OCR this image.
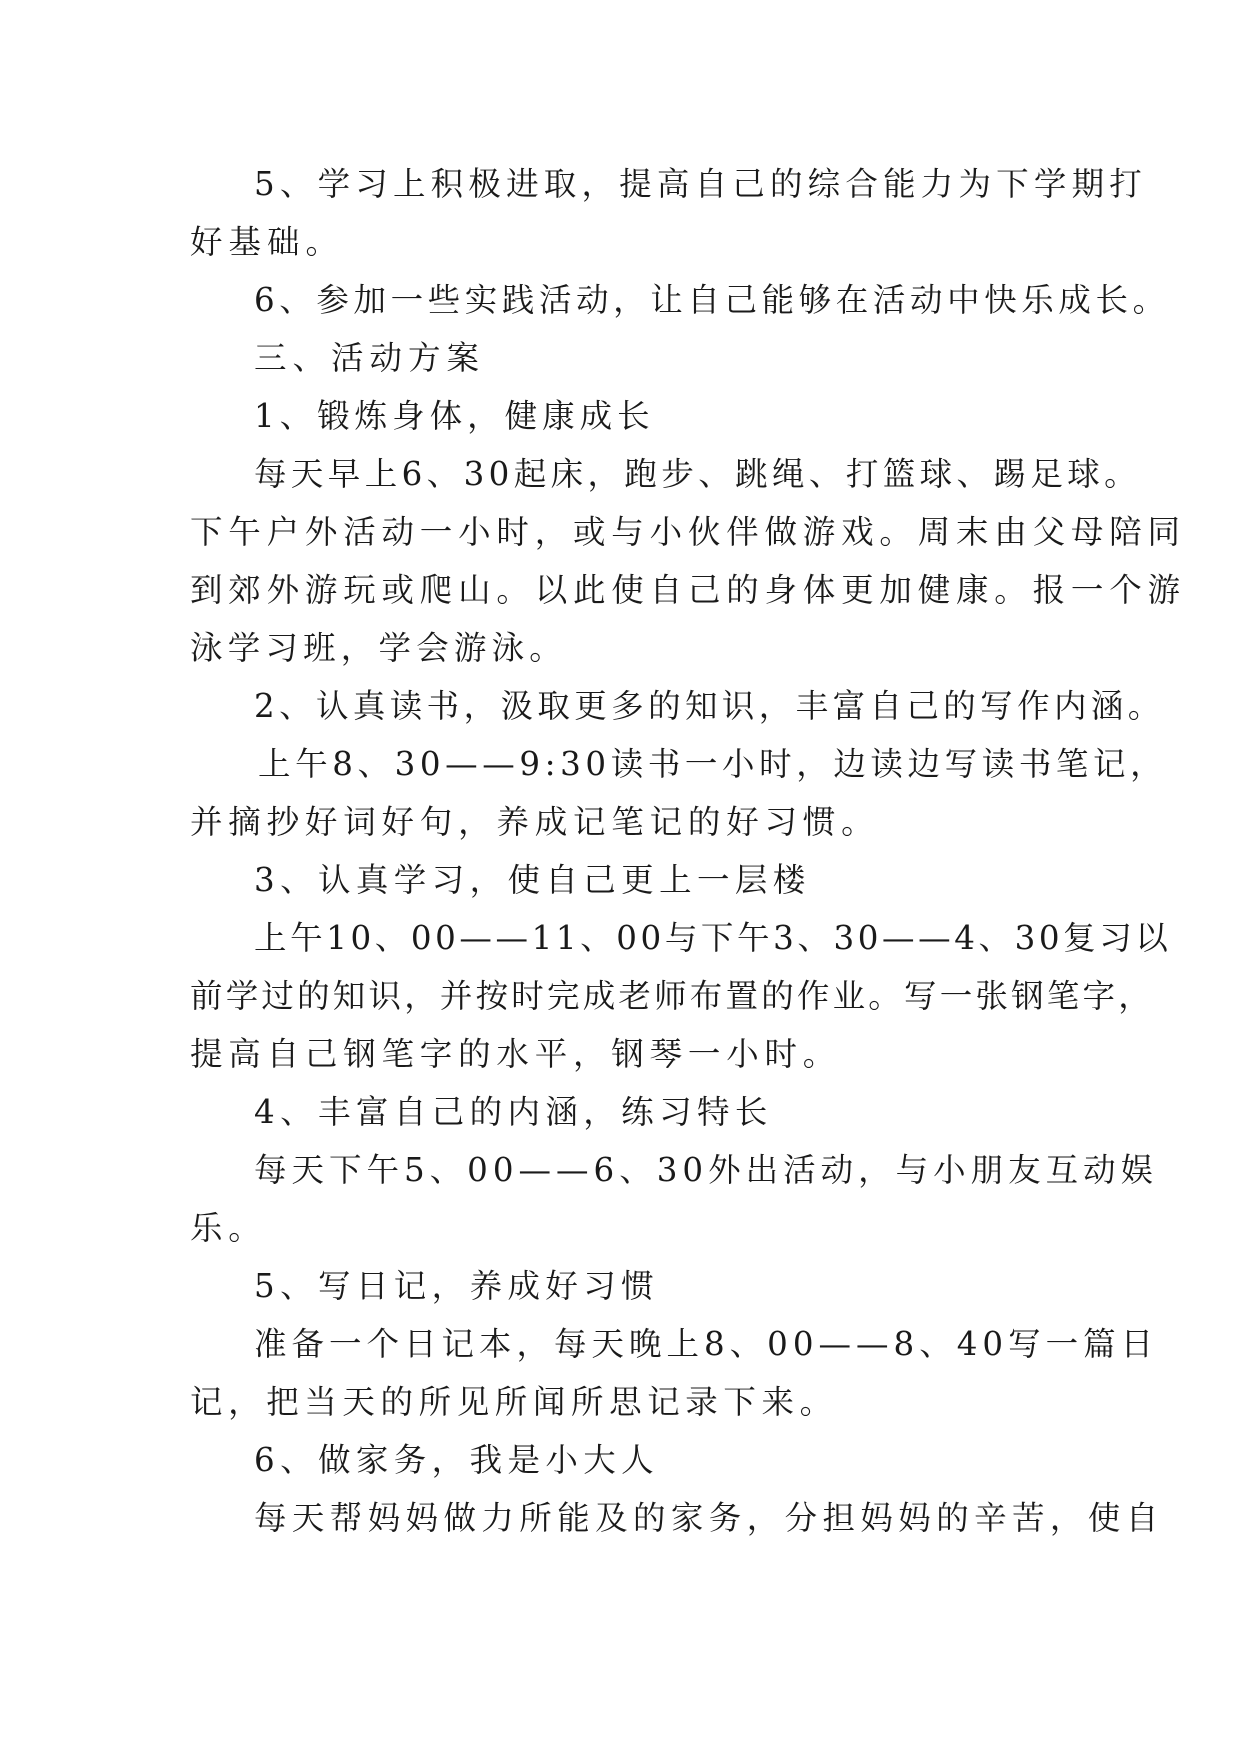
5、学习上积极进取，提高自己的综合能力为下学期打

好基础。

6、参加一些实践活动，让自己能够在活动中快乐成长。

三、活动方案

1、锻炼身体，健康成长

每天早上6、30起床，跑步、跳绳、打篮球、踢足球。

下午户外活动一小时，或与小伙伴做游戏。周末由父母陪同

到郊外游玩或爬山。以此使自己的身体更加健康。报一个游

泳学习班，学会游泳。

2、认真读书，汲取更多的知识，丰富自己的写作内涵。

上午8、30——9:30读书一小时，边读边写读书笔记，

并摘抄好词好句，养成记笔记的好习惯。

3、认真学习，使自己更上一层楼

上午10、00——11、00与下午3、30——4、30复习以

前学过的知识，并按时完成老师布置的作业。写一张钢笔字，

提高自己钢笔字的水平，钢琴一小时。

4、丰富自己的内涵，练习特长

每天下午5、00——6、30外出活动，与小朋友互动娱

乐。

5、写日记，养成好习惯

准备一个日记本，每天晚上8、00——8、40写一篇日

记，把当天的所见所闻所思记录下来。

6、做家务，我是小大人

每天帮妈妈做力所能及的家务，分担妈妈的辛苦，使自
